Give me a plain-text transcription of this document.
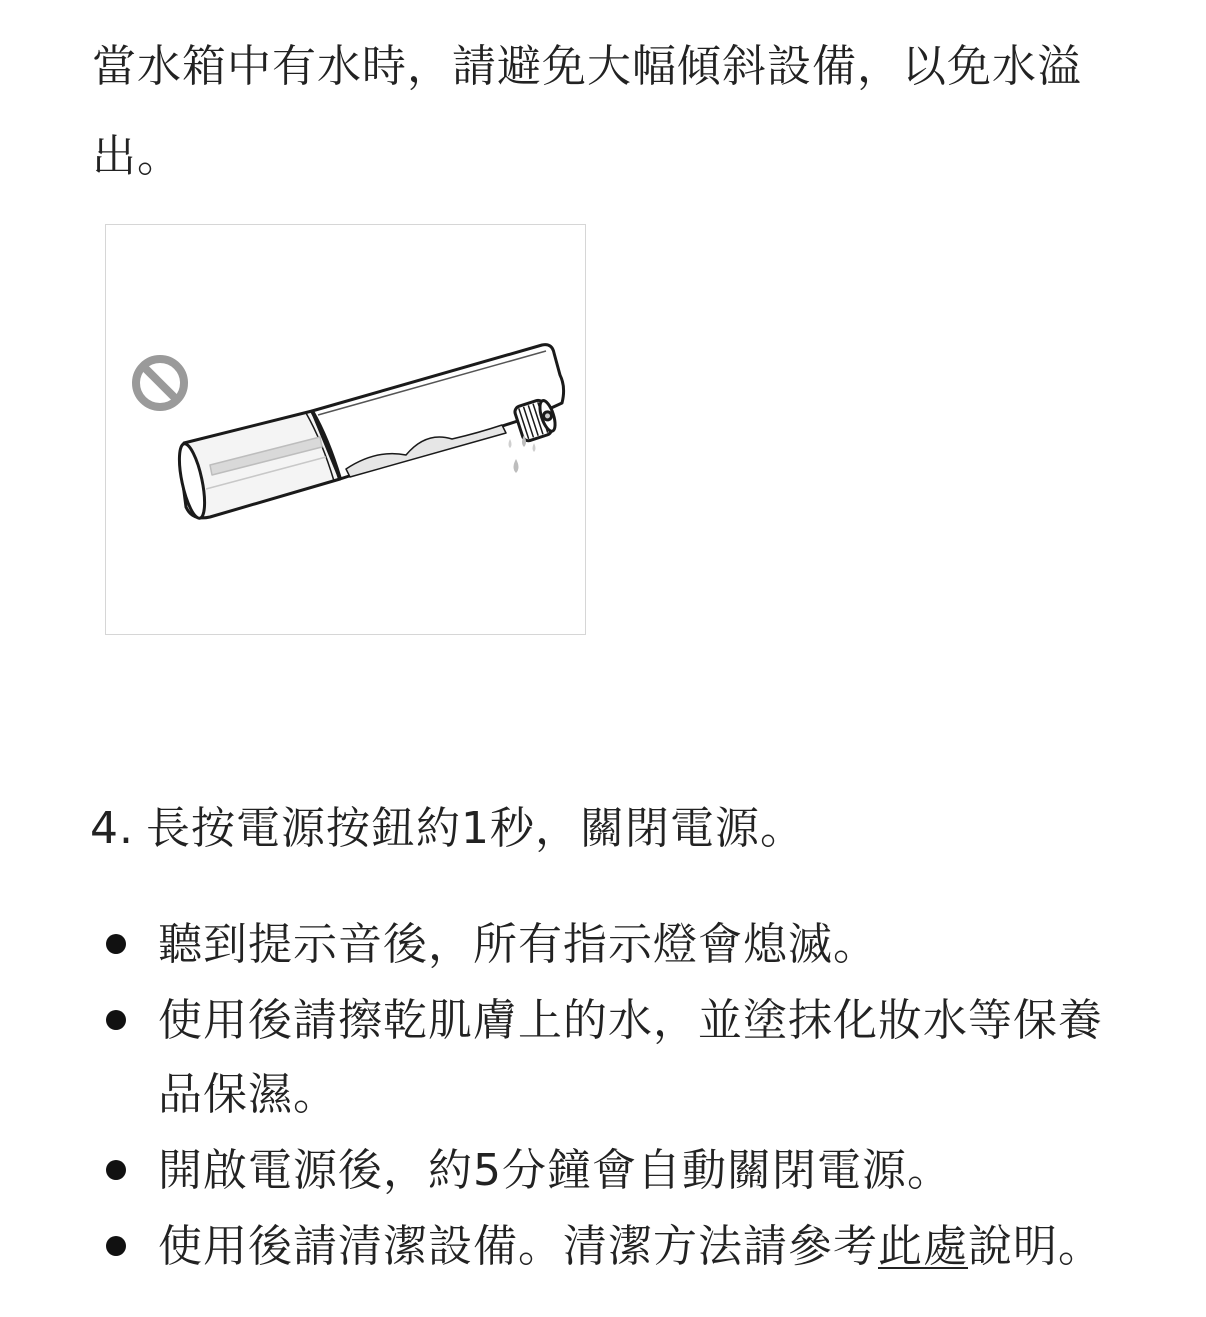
當水箱中有水時，請避免大幅傾斜設備，以免水溢出。

4. 長按電源按鈕約1秒，關閉電源。

聽到提示音後，所有指示燈會熄滅。
使用後請擦乾肌膚上的水，並塗抹化妝水等保養品保濕。
開啟電源後，約5分鐘會自動關閉電源。
使用後請清潔設備。清潔方法請參考此處說明。
